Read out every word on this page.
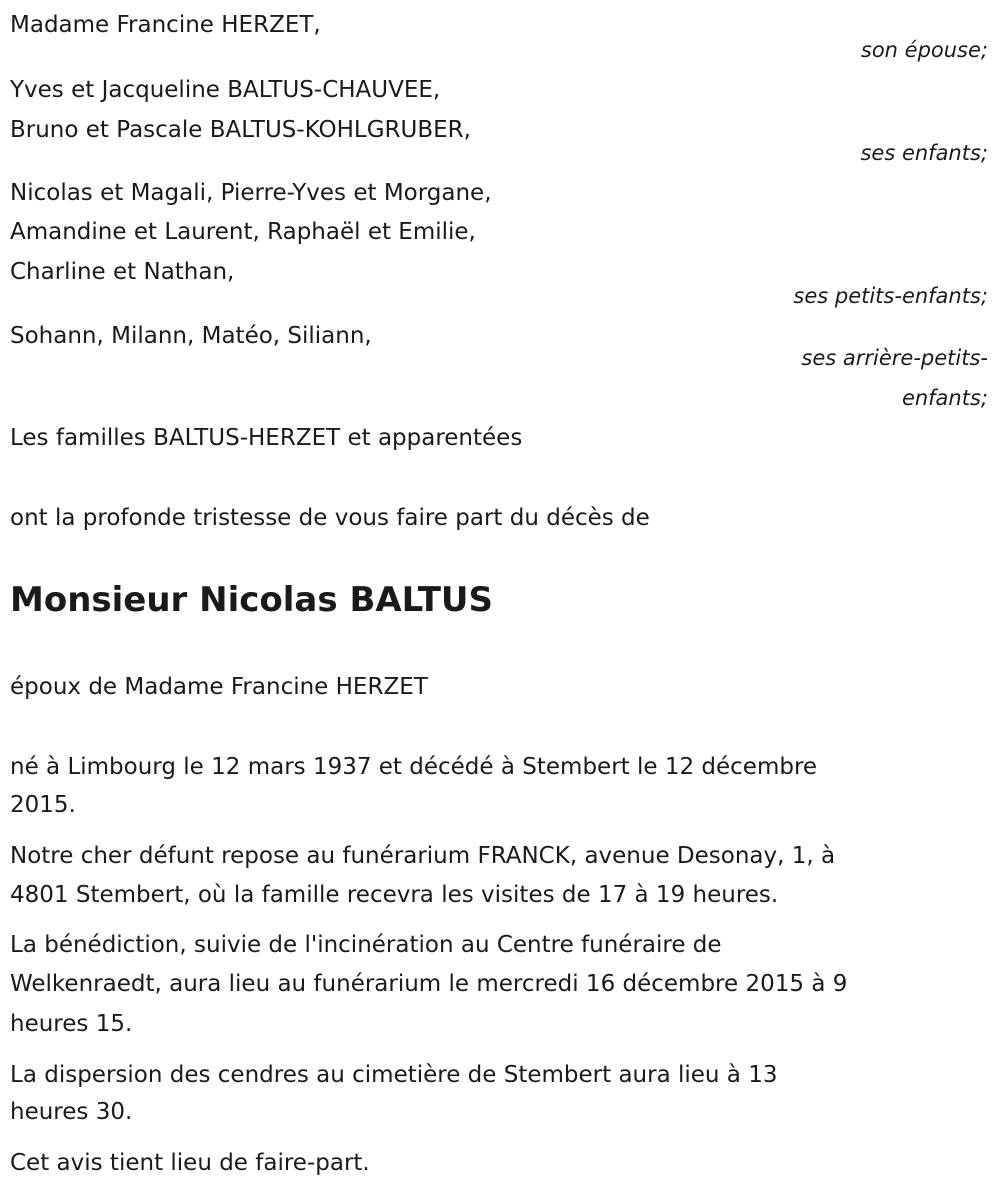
Madame Francine HERZET,
son épouse;
Yves et Jacqueline BALTUS-CHAUVEE,
Bruno et Pascale BALTUS-KOHLGRUBER,
ses enfants;
Nicolas et Magali, Pierre-Yves et Morgane,
Amandine et Laurent, Raphaël et Emilie,
Charline et Nathan,
ses petits-enfants;
Sohann, Milann, Matéo, Siliann,
ses arrière-petits-
enfants;
Les familles BALTUS-HERZET et apparentées
ont la profonde tristesse de vous faire part du décès de
Monsieur Nicolas BALTUS
époux de Madame Francine HERZET
né à Limbourg le 12 mars 1937 et décédé à Stembert le 12 décembre
2015.
Notre cher défunt repose au funérarium FRANCK, avenue Desonay, 1, à
4801 Stembert, où la famille recevra les visites de 17 à 19 heures.
La bénédiction, suivie de l'incinération au Centre funéraire de
Welkenraedt, aura lieu au funérarium le mercredi 16 décembre 2015 à 9
heures 15.
La dispersion des cendres au cimetière de Stembert aura lieu à 13
heures 30.
Cet avis tient lieu de faire-part.
